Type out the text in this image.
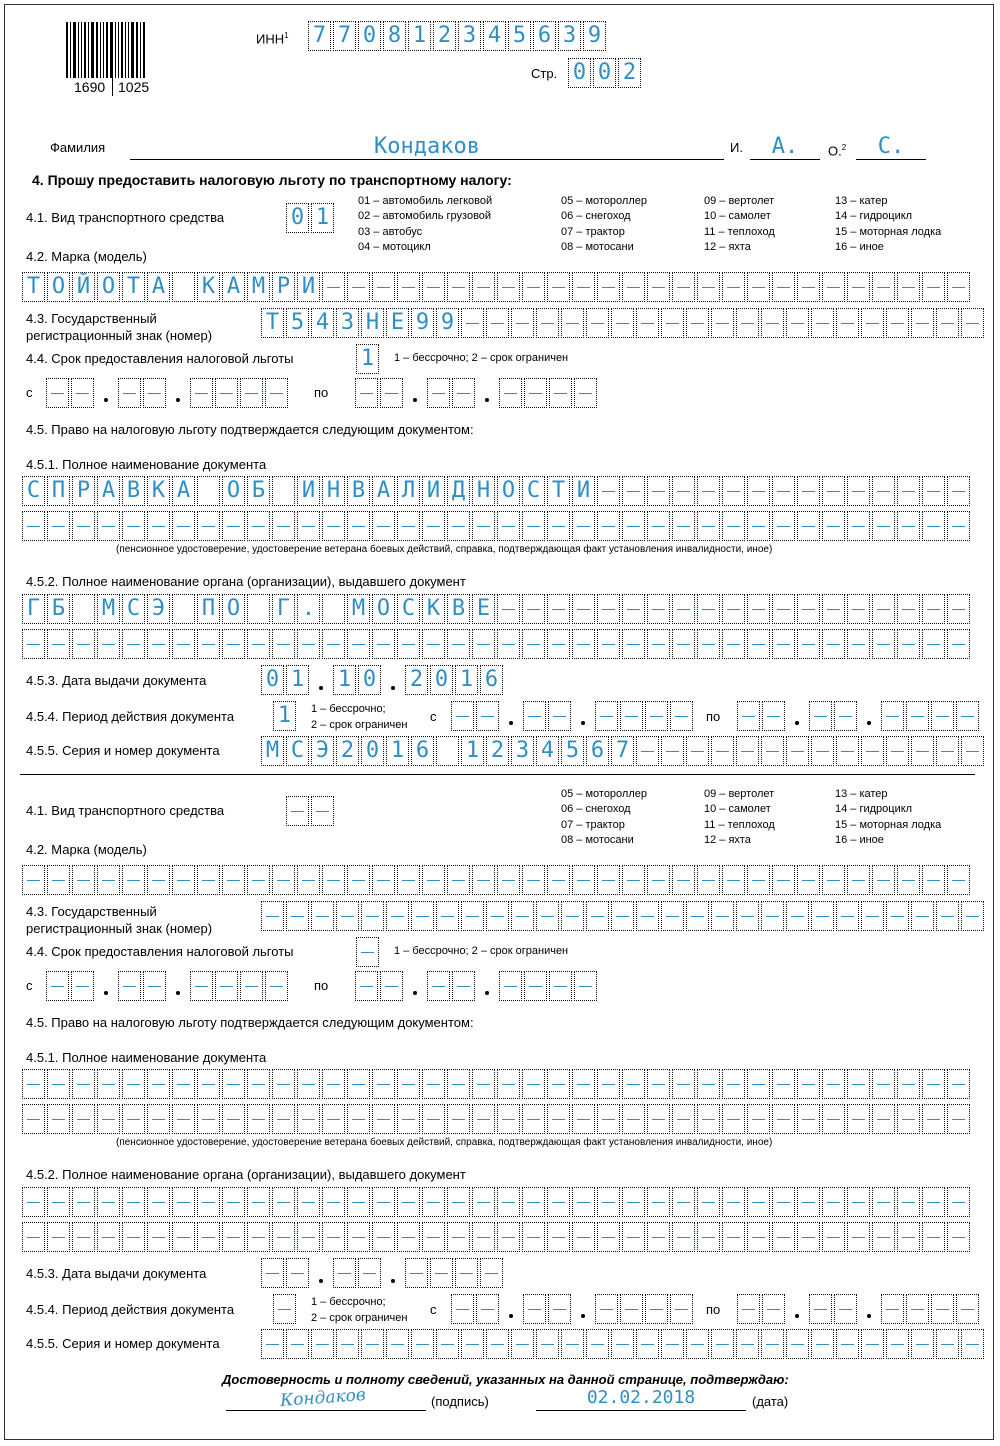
1690 1025
ИНН$^1$ 7 7 0 8 1 2 3 4 5 6 3 9
Стр. 0 0 2
Фамилия	Кондаков	И.	А.	О.$^2$	С.
4. Прошу предоставить налоговую льготу по транспортному налогу:
4.1. Вид транспортного средства	0 1
01 – автомобиль легковой
02 – автомобиль грузовой
03 – автобус
04 – мотоцикл
05 – мотороллер
06 – снегоход
07 – трактор
08 – мотосани
09 – вертолет
10 – самолет
11 – теплоход
12 – яхта
13 – катер
14 – гидроцикл
15 – моторная лодка
16 – иное
4.2. Марка (модель)
Т О Й О Т А
К А М Р И
4.3. Государственный
регистрационный знак (номер)
Т 5 4 3 Н Е 9 9
4.4. Срок предоставления налоговой льготы	1	1 – бессрочно; 2 – срок ограничен
с	по
4.5. Право на налоговую льготу подтверждается следующим документом:
4.5.1. Полное наименование документа
С П Р А В К А
О Б
И Н В А Л И Д Н О С Т И
(пенсионное удостоверение, удостоверение ветерана боевых действий, справка, подтверждающая факт установления инвалидности, иное)
4.5.2. Полное наименование органа (организации), выдавшего документ
Г Б
М С Э
П О
Г .
М О С К В Е
4.5.3. Дата выдачи документа	0 1 1 0 2 0 1 6
4.5.4. Период действия документа 1	1 – бессрочно;
2 – срок ограничен
с	по
4.5.5. Серия и номер документа М С Э 2 0 1 6
1 2 3 4 5 6 7
4.1. Вид транспортного средства
05 – мотороллер
06 – снегоход
07 – трактор
08 – мотосани
09 – вертолет
10 – самолет
11 – теплоход
12 – яхта
13 – катер
14 – гидроцикл
15 – моторная лодка
16 – иное
4.2. Марка (модель)
4.3. Государственный
регистрационный знак (номер)
4.4. Срок предоставления налоговой льготы	1 – бессрочно; 2 – срок ограничен
с	по
4.5. Право на налоговую льготу подтверждается следующим документом:
4.5.1. Полное наименование документа
(пенсионное удостоверение, удостоверение ветерана боевых действий, справка, подтверждающая факт установления инвалидности, иное)
4.5.2. Полное наименование органа (организации), выдавшего документ
4.5.3. Дата выдачи документа
4.5.4. Период действия документа	1 – бессрочно;
2 – срок ограничен
с	по
4.5.5. Серия и номер документа
Достоверность и полноту сведений, указанных на данной странице, подтверждаю:
Кондаков	(подпись)	02.02.2018	(дата)
